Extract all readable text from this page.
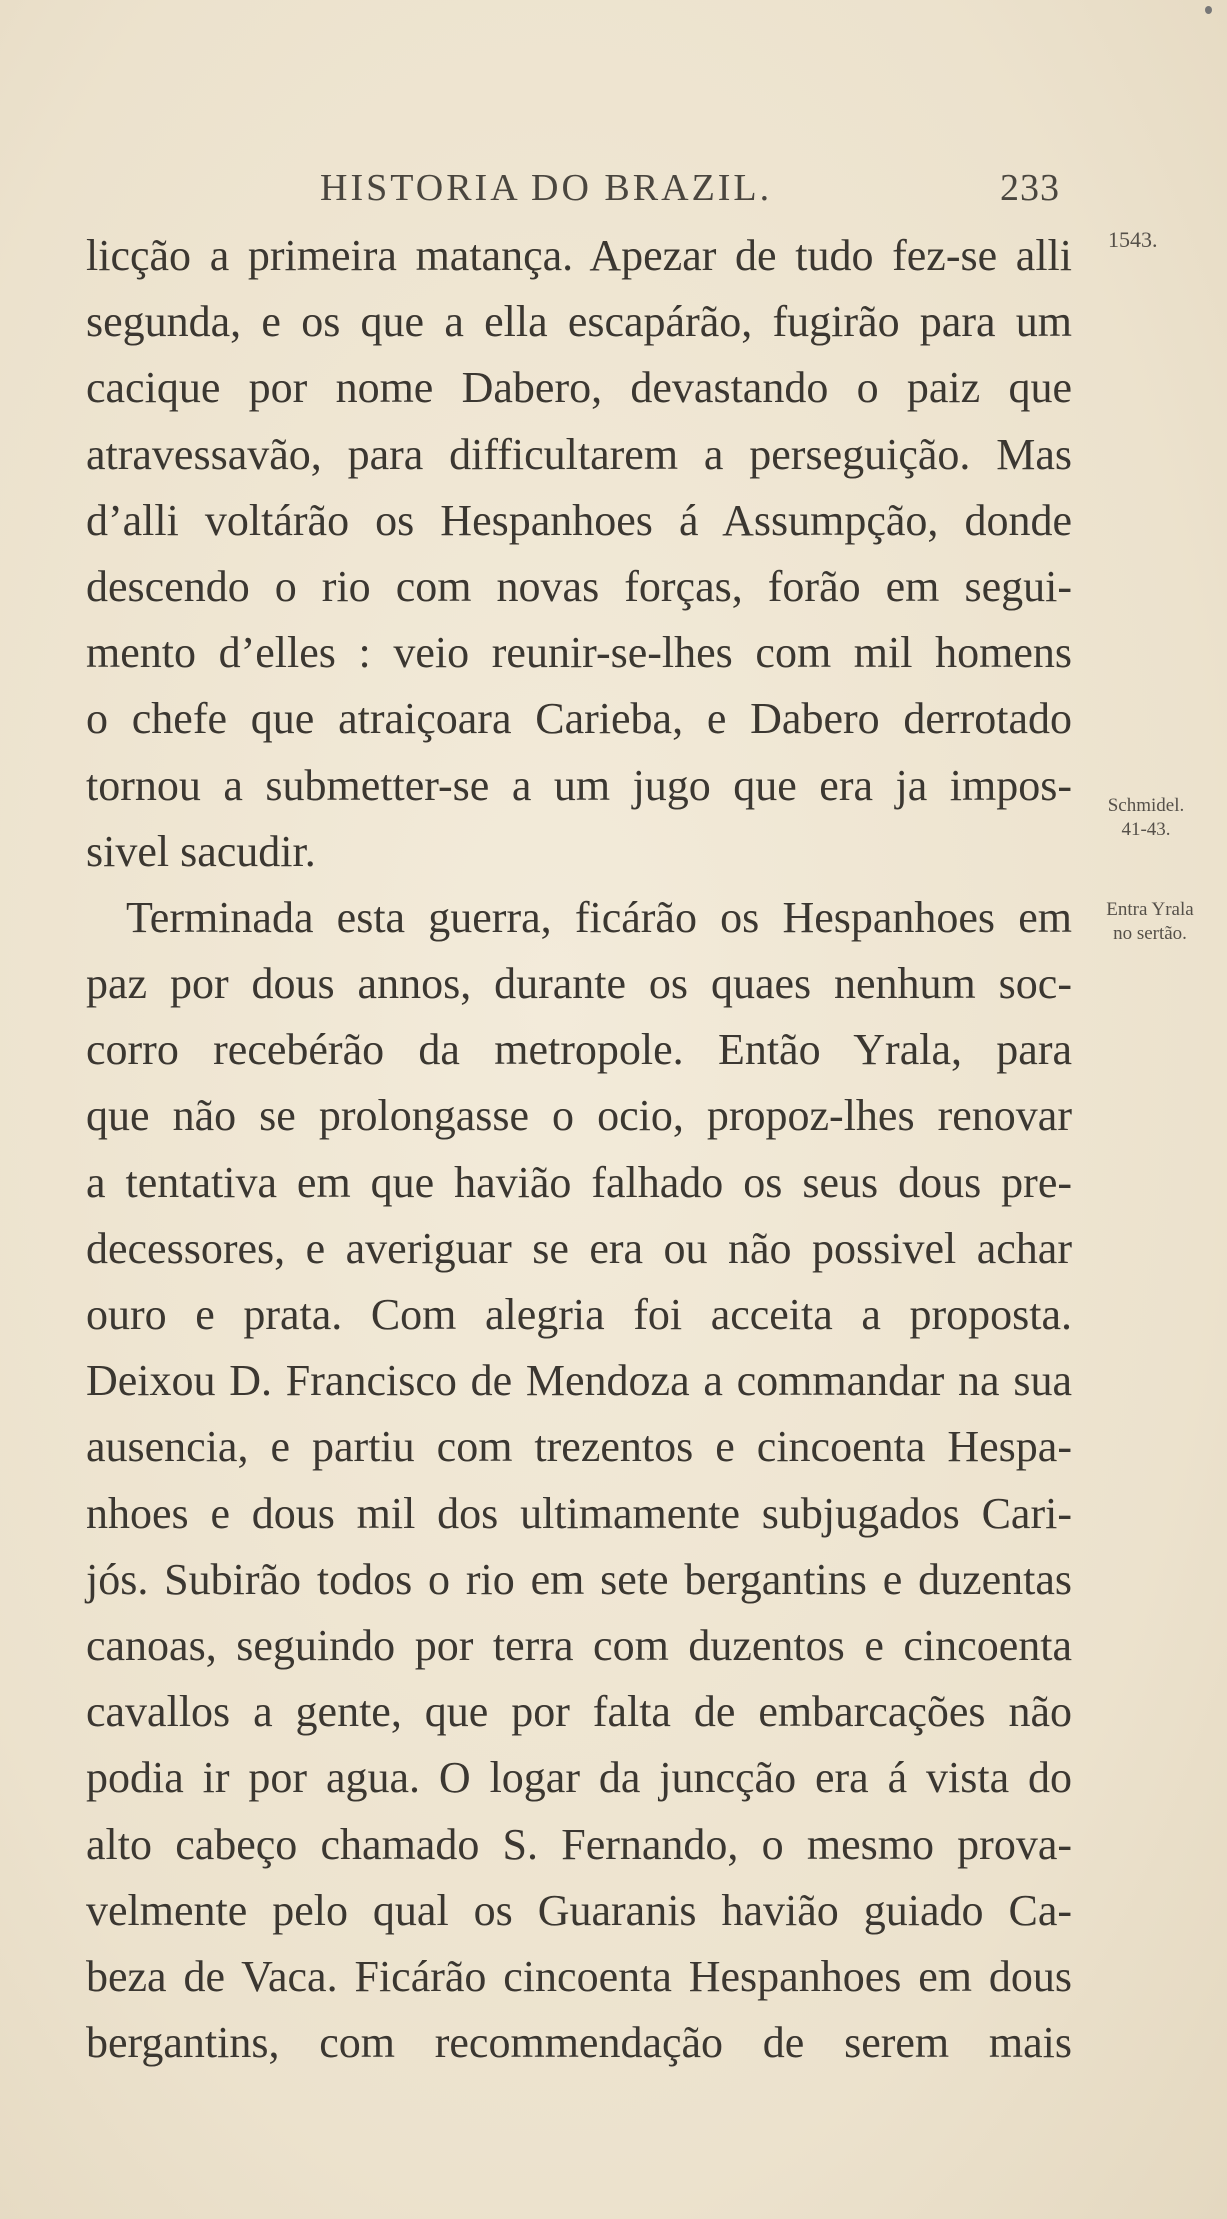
HISTORIA DO BRAZIL.	233
1543.
Schmidel.
41-43.
Entra Yrala
no sertão.
licção a primeira matança. Apezar de tudo fez-se alli
segunda, e os que a ella escapárão, fugirão para um
cacique por nome Dabero, devastando o paiz que
atravessavão, para difficultarem a perseguição. Mas
d’alli voltárão os Hespanhoes á Assumpção, donde
descendo o rio com novas forças, forão em segui-
mento d’elles : veio reunir-se-lhes com mil homens
o chefe que atraiçoara Carieba, e Dabero derrotado
tornou a submetter-se a um jugo que era ja impos-
sivel sacudir.
Terminada esta guerra, ficárão os Hespanhoes em
paz por dous annos, durante os quaes nenhum soc-
corro recebérão da metropole. Então Yrala, para
que não se prolongasse o ocio, propoz-lhes renovar
a tentativa em que havião falhado os seus dous pre-
decessores, e averiguar se era ou não possivel achar
ouro e prata. Com alegria foi acceita a proposta.
Deixou D. Francisco de Mendoza a commandar na sua
ausencia, e partiu com trezentos e cincoenta Hespa-
nhoes e dous mil dos ultimamente subjugados Cari-
jós. Subirão todos o rio em sete bergantins e duzentas
canoas, seguindo por terra com duzentos e cincoenta
cavallos a gente, que por falta de embarcações não
podia ir por agua. O logar da juncção era á vista do
alto cabeço chamado S. Fernando, o mesmo prova-
velmente pelo qual os Guaranis havião guiado Ca-
beza de Vaca. Ficárão cincoenta Hespanhoes em dous
bergantins, com recommendação de serem mais
